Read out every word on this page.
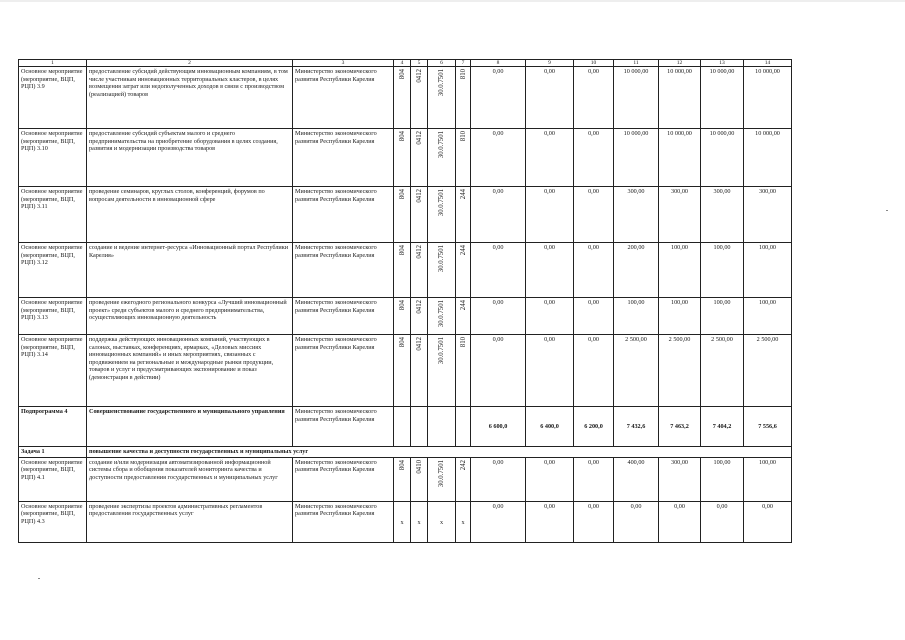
1	2	3	4	5	6	7	8	9	10	11	12	13	14
Основное мероприятие (мероприятие, ВЦП, РЦП) 3.9	предоставление субсидий действующим инновационным компаниям, в том числе участникам инновационных территориальных кластеров, в целях возмещения затрат или недополученных доходов в связи с производством (реализацией) товаров	Министерство экономического развития Республики Карелия	804	0412	30.0.7501	810	0,00	0,00	0,00	10 000,00	10 000,00	10 000,00	10 000,00
Основное мероприятие (мероприятие, ВЦП, РЦП) 3.10	предоставление субсидий субъектам малого и среднего предпринимательства на приобретение оборудования в целях создания, развития и модернизации производства товаров	Министерство экономического развития Республики Карелия	804	0412	30.0.7501	810	0,00	0,00	0,00	10 000,00	10 000,00	10 000,00	10 000,00
Основное мероприятие (мероприятие, ВЦП, РЦП) 3.11	проведение семинаров, круглых столов, конференций, форумов по вопросам деятельности в инновационной сфере	Министерство экономического развития Республики Карелия	804	0412	30.0.7501	244	0,00	0,00	0,00	300,00	300,00	300,00	300,00
Основное мероприятие (мероприятие, ВЦП, РЦП) 3.12	создание и ведение интернет-ресурса «Инновационный портал Республики Карелия»	Министерство экономического развития Республики Карелия	804	0412	30.0.7501	244	0,00	0,00	0,00	200,00	100,00	100,00	100,00
Основное мероприятие (мероприятие, ВЦП, РЦП) 3.13	проведение ежегодного регионального конкурса «Лучший инновационный проект» среди субъектов малого и среднего предпринимательства, осуществляющих инновационную деятельность	Министерство экономического развития Республики Карелия	804	0412	30.0.7501	244	0,00	0,00	0,00	100,00	100,00	100,00	100,00
Основное мероприятие (мероприятие, ВЦП, РЦП) 3.14	поддержка действующих инновационных компаний, участвующих в салонах, выставках, конференциях, ярмарках, «Деловых миссиях инновационных компаний» и иных мероприятиях, связанных с продвижением на региональные и международные рынки продукции, товаров и услуг и предусматривающих экспонирование и показ (демонстрация в действии)	Министерство экономического развития Республики Карелия	804	0412	30.0.7501	810	0,00	0,00	0,00	2 500,00	2 500,00	2 500,00	2 500,00
Подпрограмма 4	Совершенствование государственного и муниципального управления	Министерство экономического развития Республики Карелия					6 600,0	6 400,0	6 200,0	7 432,6	7 463,2	7 404,2	7 556,6
Задача 1	повышение качества и доступности государственных и муниципальных услуг												
Основное мероприятие (мероприятие, ВЦП, РЦП) 4.1	создание и/или модернизация автоматизированной информационной системы сбора и обобщения показателей мониторинга качества и доступности предоставления государственных и муниципальных услуг	Министерство экономического развития Республики Карелия	804	0410	30.0.7501	242	0,00	0,00	0,00	400,00	300,00	100,00	100,00
Основное мероприятие (мероприятие, ВЦП, РЦП) 4.3	проведение экспертизы проектов административных регламентов предоставления государственных услуг	Министерство экономического развития Республики Карелия	х	х	х	х	0,00	0,00	0,00	0,00	0,00	0,00	0,00
